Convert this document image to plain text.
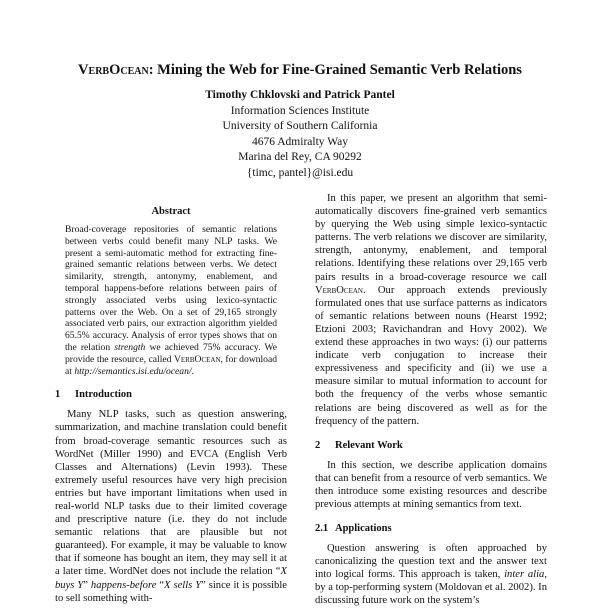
VerbOcean: Mining the Web for Fine-Grained Semantic Verb Relations
Timothy Chklovski and Patrick Pantel
Information Sciences Institute
University of Southern California
4676 Admiralty Way
Marina del Rey, CA 90292
{timc, pantel}@isi.edu
Abstract

Broad-coverage repositories of semantic relations between verbs could benefit many NLP tasks. We present a semi-automatic method for extracting fine-grained semantic relations between verbs. We detect similarity, strength, antonymy, enablement, and temporal happens-before relations between pairs of strongly associated verbs using lexico-syntactic patterns over the Web. On a set of 29,165 strongly associated verb pairs, our extraction algorithm yielded 65.5% accuracy. Analysis of error types shows that on the relation strength we achieved 75% accuracy. We provide the resource, called VerbOcean, for download at http://semantics.isi.edu/ocean/.

1 Introduction

Many NLP tasks, such as question answering, summarization, and machine translation could benefit from broad-coverage semantic resources such as WordNet (Miller 1990) and EVCA (English Verb Classes and Alternations) (Levin 1993). These extremely useful resources have very high precision entries but have important limitations when used in real-world NLP tasks due to their limited coverage and prescriptive nature (i.e. they do not include semantic relations that are plausible but not guaranteed). For example, it may be valuable to know that if someone has bought an item, they may sell it at a later time. WordNet does not include the relation “X buys Y” happens-before “X sells Y” since it is possible to sell something with-

In this paper, we present an algorithm that semi-automatically discovers fine-grained verb semantics by querying the Web using simple lexico-syntactic patterns. The verb relations we discover are similarity, strength, antonymy, enablement, and temporal relations. Identifying these relations over 29,165 verb pairs results in a broad-coverage resource we call VerbOcean. Our approach extends previously formulated ones that use surface patterns as indicators of semantic relations between nouns (Hearst 1992; Etzioni 2003; Ravichandran and Hovy 2002). We extend these approaches in two ways: (i) our patterns indicate verb conjugation to increase their expressiveness and specificity and (ii) we use a measure similar to mutual information to account for both the frequency of the verbs whose semantic relations are being discovered as well as for the frequency of the pattern.

2 Relevant Work

In this section, we describe application domains that can benefit from a resource of verb semantics. We then introduce some existing resources and describe previous attempts at mining semantics from text.

2.1 Applications

Question answering is often approached by canonicalizing the question text and the answer text into logical forms. This approach is taken, inter alia, by a top-performing system (Moldovan et al. 2002). In discussing future work on the system’s
